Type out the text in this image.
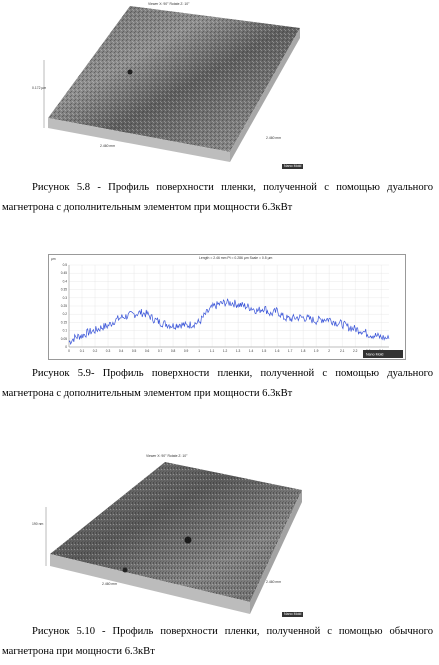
Viewer X: 90° Rotate Z: 10°
0.172 µm
2.460 mm
2.460 mm
Nano Mold
Рисунок 5.8 - Профиль поверхности пленки, полученной с помощью дуального магнетрона с дополнительным элементом при мощности 6.3кВт
Length = 2.46 mm Pt = 0.286 µm Scale = 0.5 µm
µm
0.5
0.45
0.4
0.35
0.3
0.25
0.2
0.15
0.1
0.05
0
0	0.1	0.2	0.3	0.4	0.5	0.6	0.7	0.8	0.9	1	1.1	1.2	1.3	1.4	1.5	1.6	1.7	1.8	1.9	2	2.1	2.2
Nano Mold
Рисунок 5.9- Профиль поверхности пленки, полученной с помощью дуального магнетрона с дополнительным элементом при мощности 6.3кВт
Viewer X: 90° Rotate Z: 10°
190 nm
2.460 mm	2.460 mm
Nano Mold
Рисунок 5.10 - Профиль поверхности пленки, полученной с помощью обычного магнетрона при мощности 6.3кВт
